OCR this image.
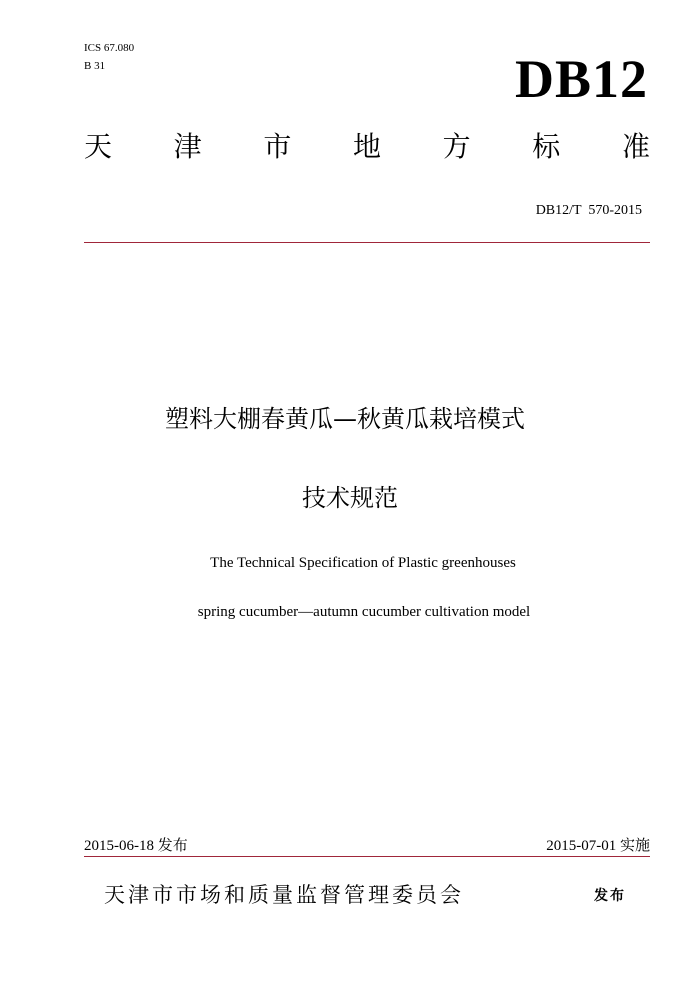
ICS 67.080
B 31	DB12
天 津 市 地 方 标 准
DB12/T  570-2015
塑料大棚春黄瓜—秋黄瓜栽培模式
技术规范
The Technical Specification of Plastic greenhouses
spring cucumber—autumn cucumber cultivation model
2015-06-18 发布	2015-07-01 实施
天津市市场和质量监督管理委员会	发布
